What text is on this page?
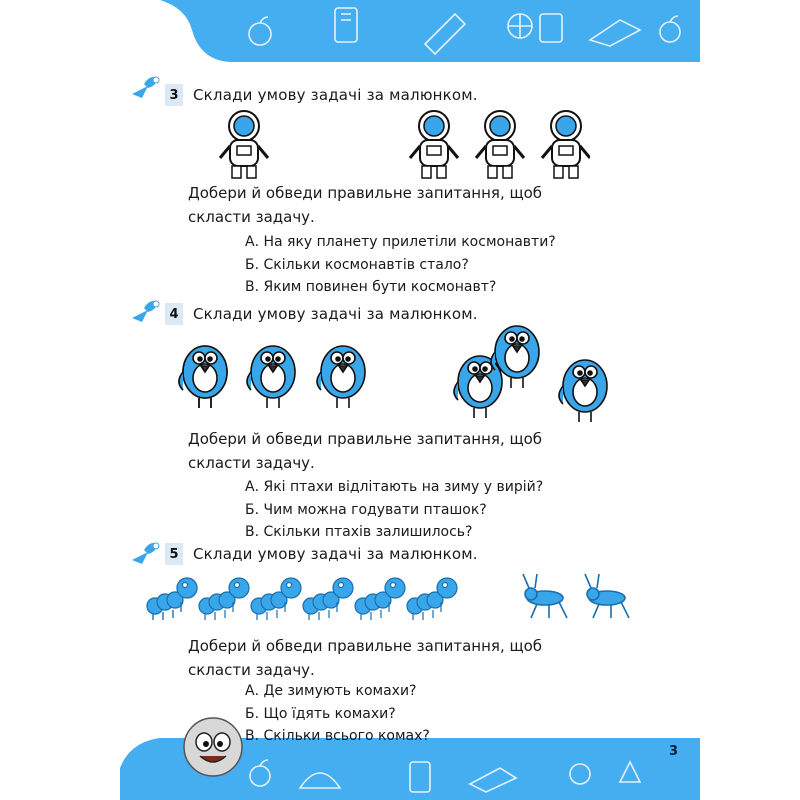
3
3 Склади умову задачі за малюнком.
Добери й обведи правильне запитання, щоб скласти задачу.
А. На яку планету прилетіли космонавти?
Б. Скільки космонавтів стало?
В. Яким повинен бути космонавт?
4 Склади умову задачі за малюнком.
Добери й обведи правильне запитання, щоб скласти задачу.
А. Які птахи відлітають на зиму у вирій?
Б. Чим можна годувати пташок?
В. Скільки птахів залишилось?
5 Склади умову задачі за малюнком.
Добери й обведи правильне запитання, щоб скласти задачу.
А. Де зимують комахи?
Б. Що їдять комахи?
В. Скільки всього комах?
